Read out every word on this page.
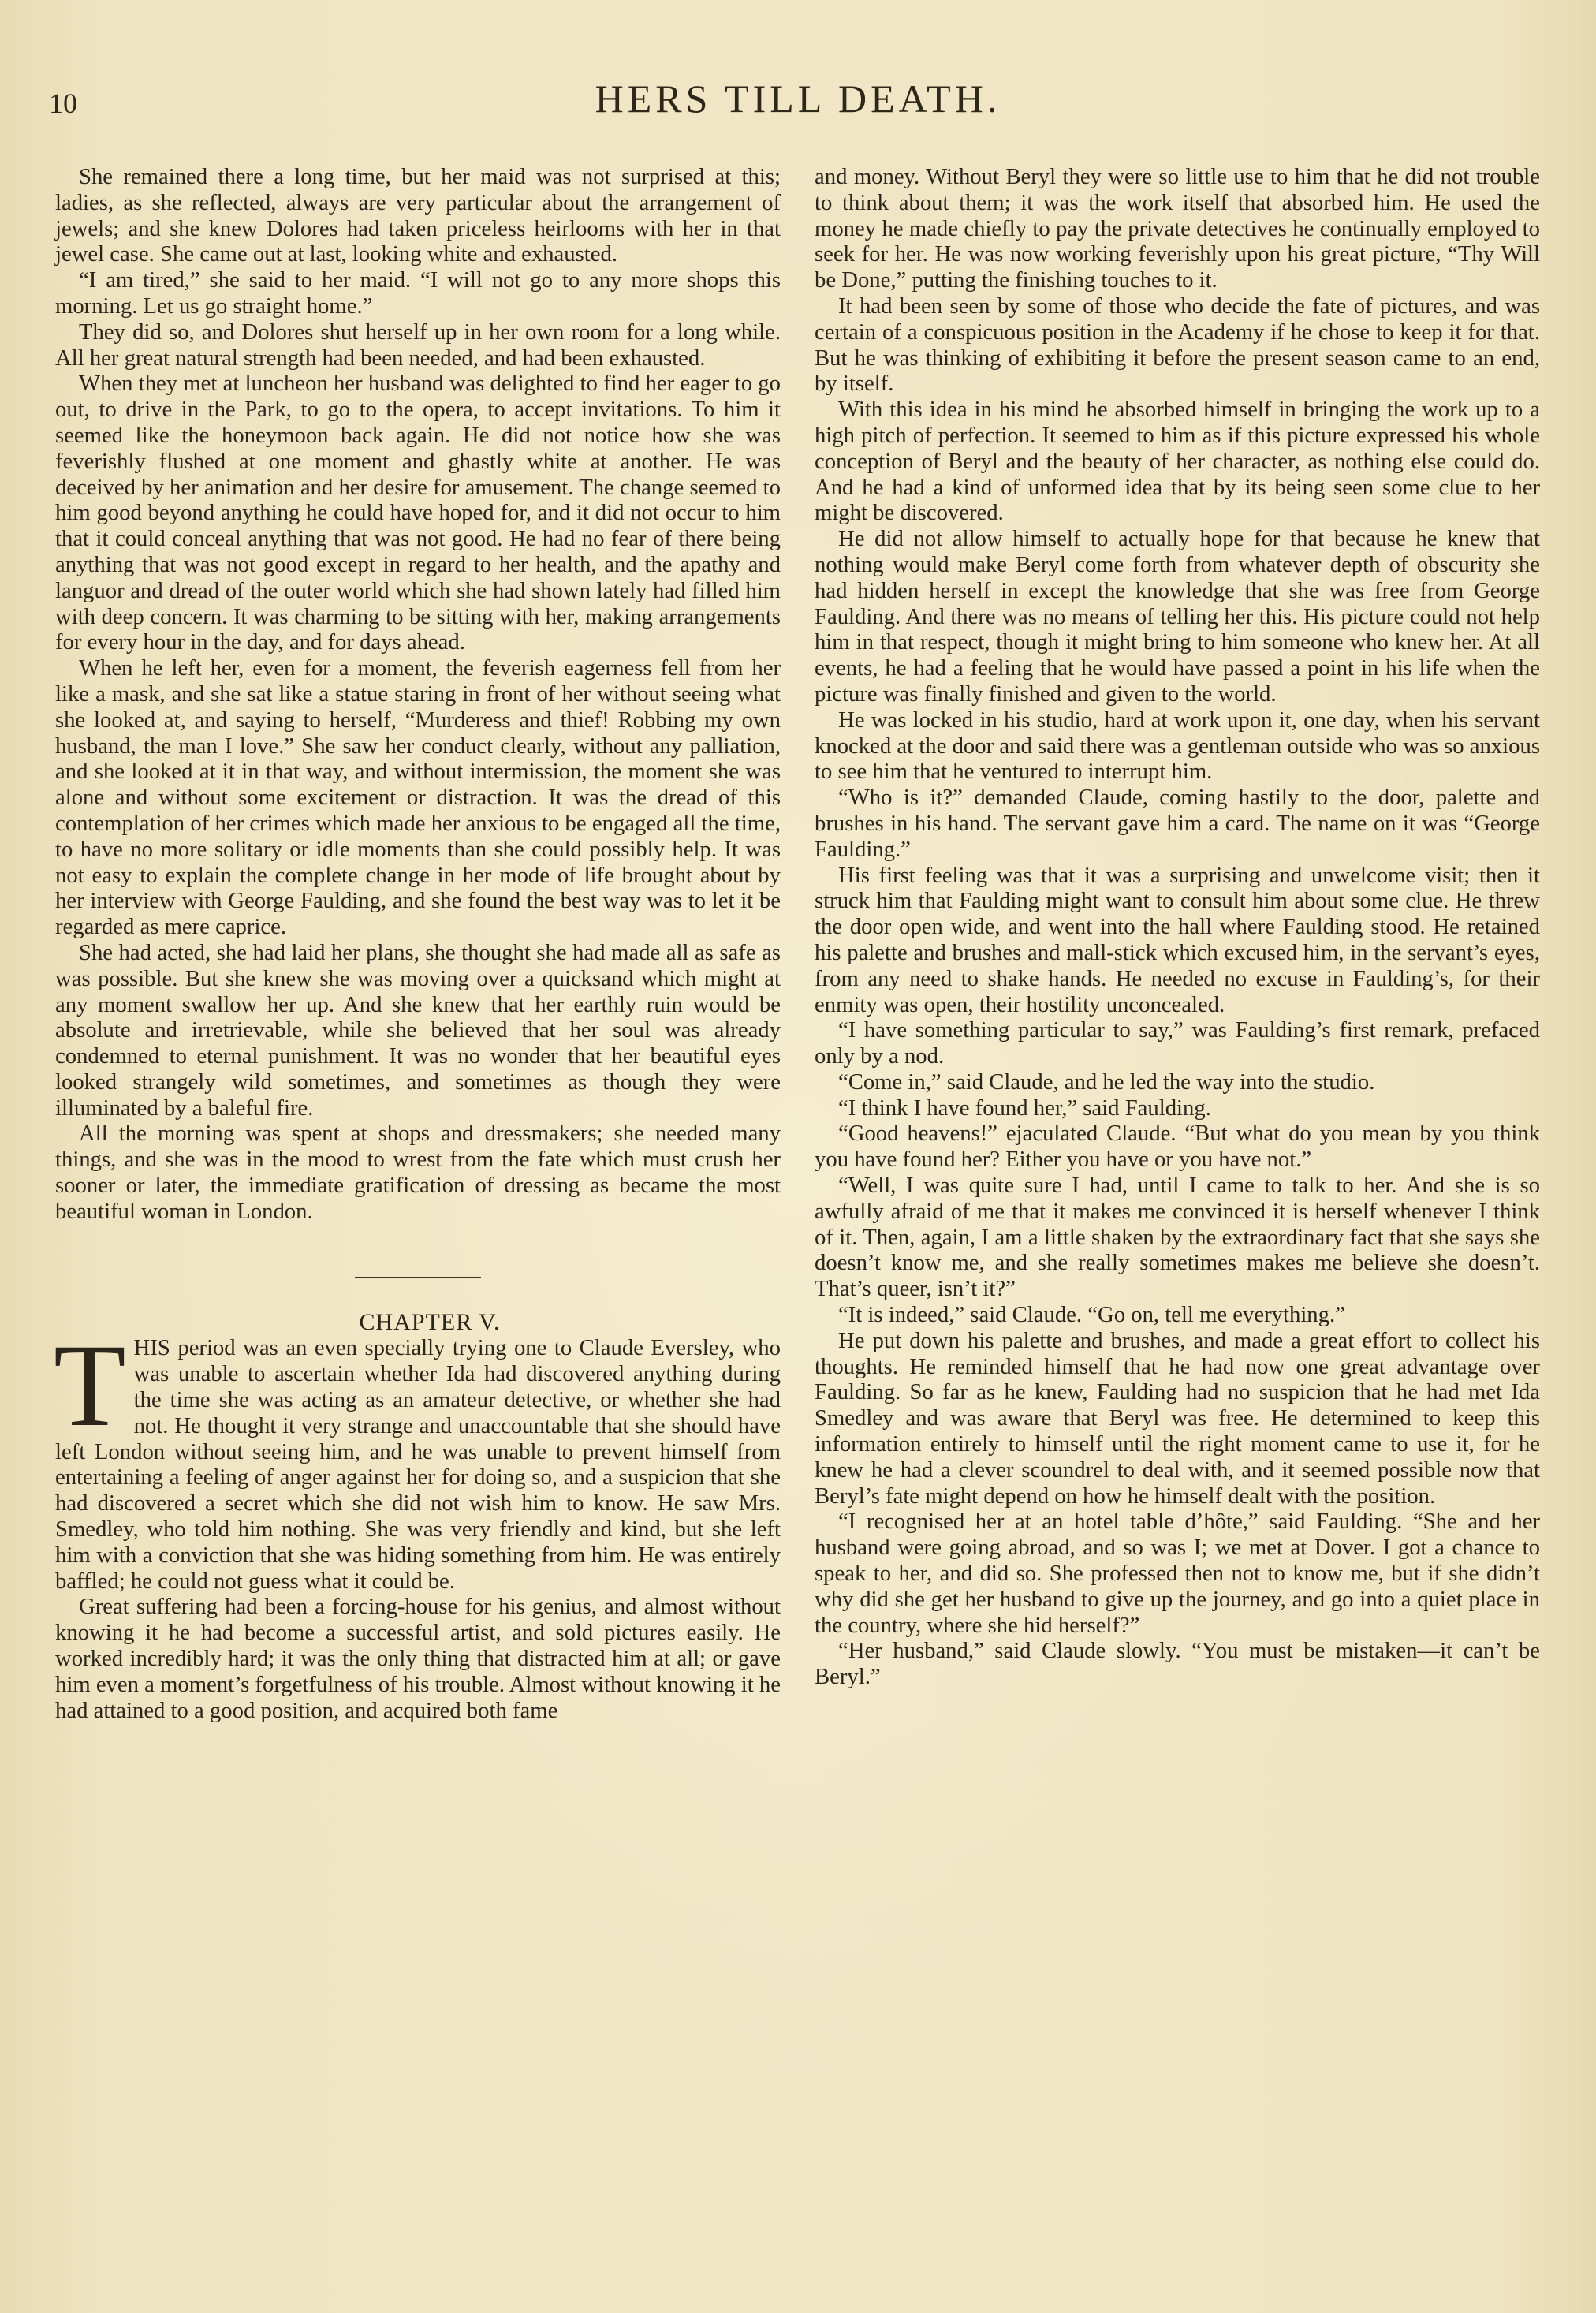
10	HERS TILL DEATH.

She remained there a long time, but her maid was not surprised at this; ladies, as she reflected, always are very particular about the arrangement of jewels; and she knew Dolores had taken priceless heirlooms with her in that jewel case. She came out at last, looking white and exhausted.

“I am tired,” she said to her maid. “I will not go to any more shops this morning. Let us go straight home.”

They did so, and Dolores shut herself up in her own room for a long while. All her great natural strength had been needed, and had been exhausted.

When they met at luncheon her husband was delighted to find her eager to go out, to drive in the Park, to go to the opera, to accept invitations. To him it seemed like the honeymoon back again. He did not notice how she was feverishly flushed at one moment and ghastly white at another. He was deceived by her animation and her desire for amusement. The change seemed to him good beyond anything he could have hoped for, and it did not occur to him that it could conceal anything that was not good. He had no fear of there being anything that was not good except in regard to her health, and the apathy and languor and dread of the outer world which she had shown lately had filled him with deep concern. It was charming to be sitting with her, making arrangements for every hour in the day, and for days ahead.

When he left her, even for a moment, the feverish eagerness fell from her like a mask, and she sat like a statue staring in front of her without seeing what she looked at, and saying to herself, “Murderess and thief! Robbing my own husband, the man I love.” She saw her conduct clearly, without any palliation, and she looked at it in that way, and without intermission, the moment she was alone and without some excitement or distraction. It was the dread of this contemplation of her crimes which made her anxious to be engaged all the time, to have no more solitary or idle moments than she could possibly help. It was not easy to explain the complete change in her mode of life brought about by her interview with George Faulding, and she found the best way was to let it be regarded as mere caprice.

She had acted, she had laid her plans, she thought she had made all as safe as was possible. But she knew she was moving over a quicksand which might at any moment swallow her up. And she knew that her earthly ruin would be absolute and irretrievable, while she believed that her soul was already condemned to eternal punishment. It was no wonder that her beautiful eyes looked strangely wild sometimes, and sometimes as though they were illuminated by a baleful fire.

All the morning was spent at shops and dressmakers; she needed many things, and she was in the mood to wrest from the fate which must crush her sooner or later, the immediate gratification of dressing as became the most beautiful woman in London.

CHAPTER V.

THIS period was an even specially trying one to Claude Eversley, who was unable to ascertain whether Ida had discovered anything during the time she was acting as an amateur detective, or whether she had not. He thought it very strange and unaccountable that she should have left London without seeing him, and he was unable to prevent himself from entertaining a feeling of anger against her for doing so, and a suspicion that she had discovered a secret which she did not wish him to know. He saw Mrs. Smedley, who told him nothing. She was very friendly and kind, but she left him with a conviction that she was hiding something from him. He was entirely baffled; he could not guess what it could be.

Great suffering had been a forcing-house for his genius, and almost without knowing it he had become a successful artist, and sold pictures easily. He worked incredibly hard; it was the only thing that distracted him at all; or gave him even a moment’s forgetfulness of his trouble. Almost without knowing it he had attained to a good position, and acquired both fame

and money. Without Beryl they were so little use to him that he did not trouble to think about them; it was the work itself that absorbed him. He used the money he made chiefly to pay the private detectives he continually employed to seek for her. He was now working feverishly upon his great picture, “Thy Will be Done,” putting the finishing touches to it.

It had been seen by some of those who decide the fate of pictures, and was certain of a conspicuous position in the Academy if he chose to keep it for that. But he was thinking of exhibiting it before the present season came to an end, by itself.

With this idea in his mind he absorbed himself in bringing the work up to a high pitch of perfection. It seemed to him as if this picture expressed his whole conception of Beryl and the beauty of her character, as nothing else could do. And he had a kind of unformed idea that by its being seen some clue to her might be discovered.

He did not allow himself to actually hope for that because he knew that nothing would make Beryl come forth from whatever depth of obscurity she had hidden herself in except the knowledge that she was free from George Faulding. And there was no means of telling her this. His picture could not help him in that respect, though it might bring to him someone who knew her. At all events, he had a feeling that he would have passed a point in his life when the picture was finally finished and given to the world.

He was locked in his studio, hard at work upon it, one day, when his servant knocked at the door and said there was a gentleman outside who was so anxious to see him that he ventured to interrupt him.

“Who is it?” demanded Claude, coming hastily to the door, palette and brushes in his hand. The servant gave him a card. The name on it was “George Faulding.”

His first feeling was that it was a surprising and unwelcome visit; then it struck him that Faulding might want to consult him about some clue. He threw the door open wide, and went into the hall where Faulding stood. He retained his palette and brushes and mall-stick which excused him, in the servant’s eyes, from any need to shake hands. He needed no excuse in Faulding’s, for their enmity was open, their hostility unconcealed.

“I have something particular to say,” was Faulding’s first remark, prefaced only by a nod.

“Come in,” said Claude, and he led the way into the studio.

“I think I have found her,” said Faulding.

“Good heavens!” ejaculated Claude. “But what do you mean by you think you have found her? Either you have or you have not.”

“Well, I was quite sure I had, until I came to talk to her. And she is so awfully afraid of me that it makes me convinced it is herself whenever I think of it. Then, again, I am a little shaken by the extraordinary fact that she says she doesn’t know me, and she really sometimes makes me believe she doesn’t. That’s queer, isn’t it?”

“It is indeed,” said Claude. “Go on, tell me everything.”

He put down his palette and brushes, and made a great effort to collect his thoughts. He reminded himself that he had now one great advantage over Faulding. So far as he knew, Faulding had no suspicion that he had met Ida Smedley and was aware that Beryl was free. He determined to keep this information entirely to himself until the right moment came to use it, for he knew he had a clever scoundrel to deal with, and it seemed possible now that Beryl’s fate might depend on how he himself dealt with the position.

“I recognised her at an hotel table d’hôte,” said Faulding. “She and her husband were going abroad, and so was I; we met at Dover. I got a chance to speak to her, and did so. She professed then not to know me, but if she didn’t why did she get her husband to give up the journey, and go into a quiet place in the country, where she hid herself?”

“Her husband,” said Claude slowly. “You must be mistaken—it can’t be Beryl.”
